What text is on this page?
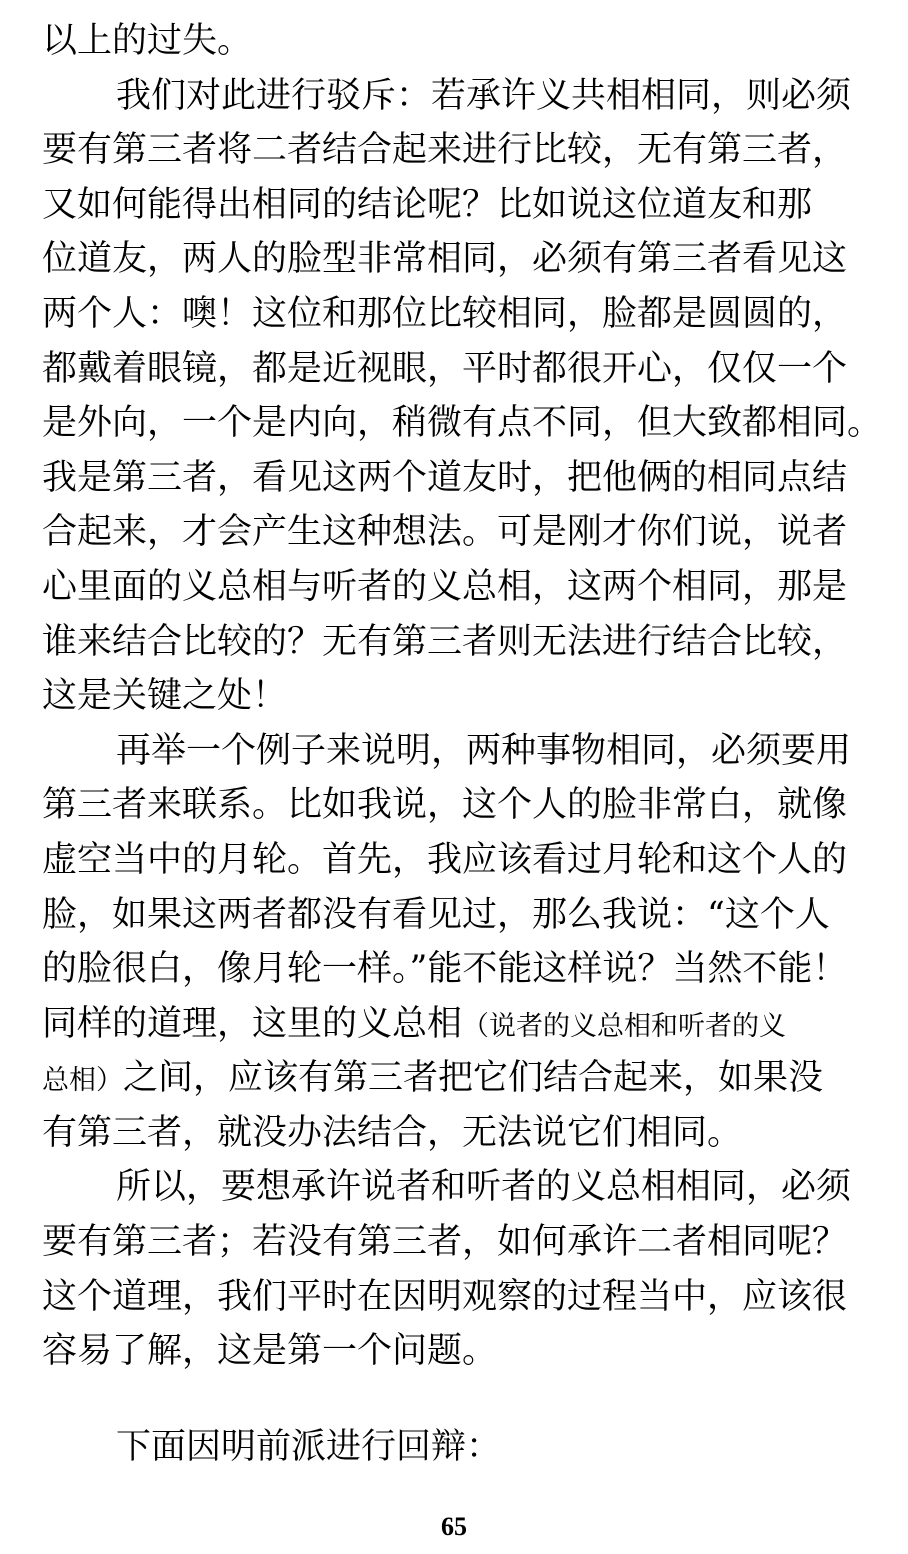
以上的过失。
我们对此进行驳斥：若承许义共相相同，则必须
要有第三者将二者结合起来进行比较，无有第三者，
又如何能得出相同的结论呢？比如说这位道友和那
位道友，两人的脸型非常相同，必须有第三者看见这
两个人：噢！这位和那位比较相同，脸都是圆圆的，
都戴着眼镜，都是近视眼，平时都很开心，仅仅一个
是外向，一个是内向，稍微有点不同，但大致都相同。
我是第三者，看见这两个道友时，把他俩的相同点结
合起来，才会产生这种想法。可是刚才你们说，说者
心里面的义总相与听者的义总相，这两个相同，那是
谁来结合比较的？无有第三者则无法进行结合比较，
这是关键之处！
再举一个例子来说明，两种事物相同，必须要用
第三者来联系。比如我说，这个人的脸非常白，就像
虚空当中的月轮。首先，我应该看过月轮和这个人的
脸，如果这两者都没有看见过，那么我说：“这个人
的脸很白，像月轮一样。”能不能这样说？当然不能！
同样的道理，这里的义总相（说者的义总相和听者的义
总相）之间，应该有第三者把它们结合起来，如果没
有第三者，就没办法结合，无法说它们相同。
所以，要想承许说者和听者的义总相相同，必须
要有第三者；若没有第三者，如何承许二者相同呢？
这个道理，我们平时在因明观察的过程当中，应该很
容易了解，这是第一个问题。
下面因明前派进行回辩：
65
